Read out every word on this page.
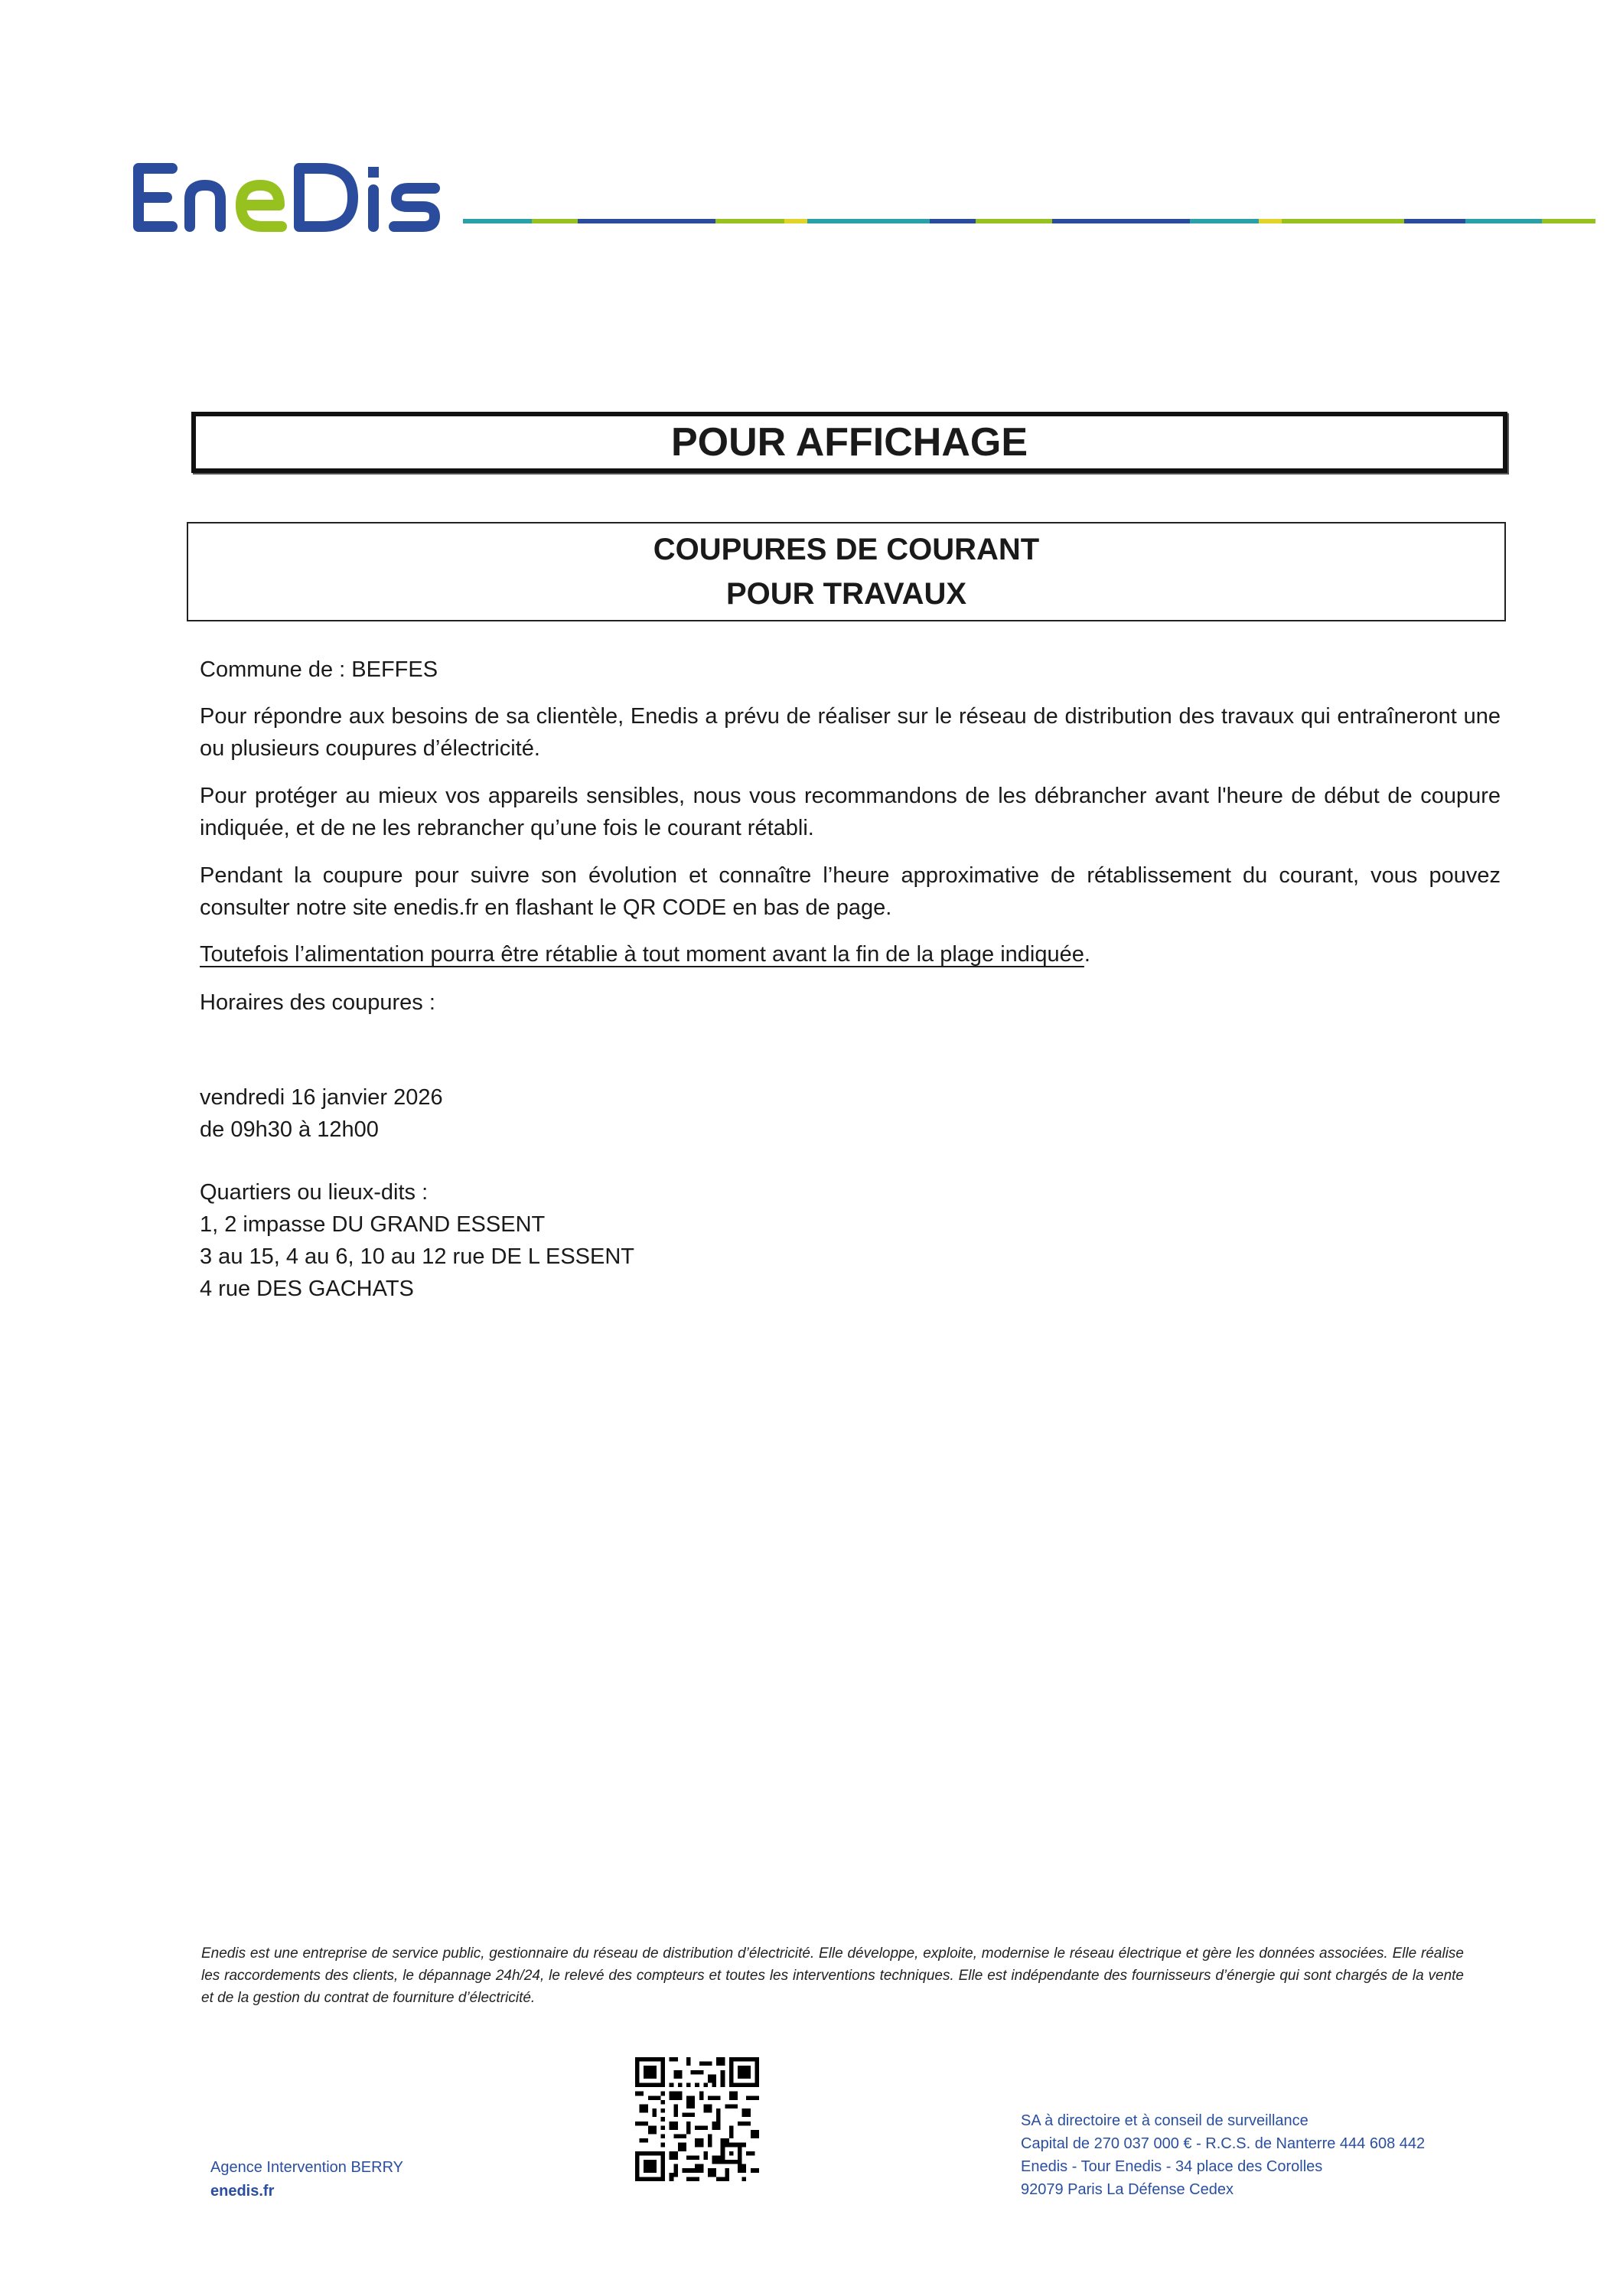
POUR AFFICHAGE
COUPURES DE COURANT
POUR TRAVAUX
Commune de : BEFFES
Pour répondre aux besoins de sa clientèle, Enedis a prévu de réaliser sur le réseau de distribution des travaux qui entraîneront une ou plusieurs coupures d’électricité.
Pour protéger au mieux vos appareils sensibles, nous vous recommandons de les débrancher avant l'heure de début de coupure indiquée, et de ne les rebrancher qu’une fois le courant rétabli.
Pendant la coupure pour suivre son évolution et connaître l’heure approximative de rétablissement du courant, vous pouvez consulter notre site enedis.fr en flashant le QR CODE en bas de page.
Toutefois l’alimentation pourra être rétablie à tout moment avant la fin de la plage indiquée.
Horaires des coupures :
vendredi 16 janvier 2026
de 09h30 à 12h00
Quartiers ou lieux-dits :
1, 2 impasse DU GRAND ESSENT
3 au 15, 4 au 6, 10 au 12 rue DE L ESSENT
4 rue DES GACHATS
Enedis est une entreprise de service public, gestionnaire du réseau de distribution d’électricité. Elle développe, exploite, modernise le réseau électrique et gère les données associées. Elle réalise les raccordements des clients, le dépannage 24h/24, le relevé des compteurs et toutes les interventions techniques. Elle est indépendante des fournisseurs d’énergie qui sont chargés de la vente et de la gestion du contrat de fourniture d’électricité.
Agence Intervention BERRY
enedis.fr
SA à directoire et à conseil de surveillance
Capital de 270 037 000 € - R.C.S. de Nanterre 444 608 442
Enedis - Tour Enedis - 34 place des Corolles
92079 Paris La Défense Cedex
